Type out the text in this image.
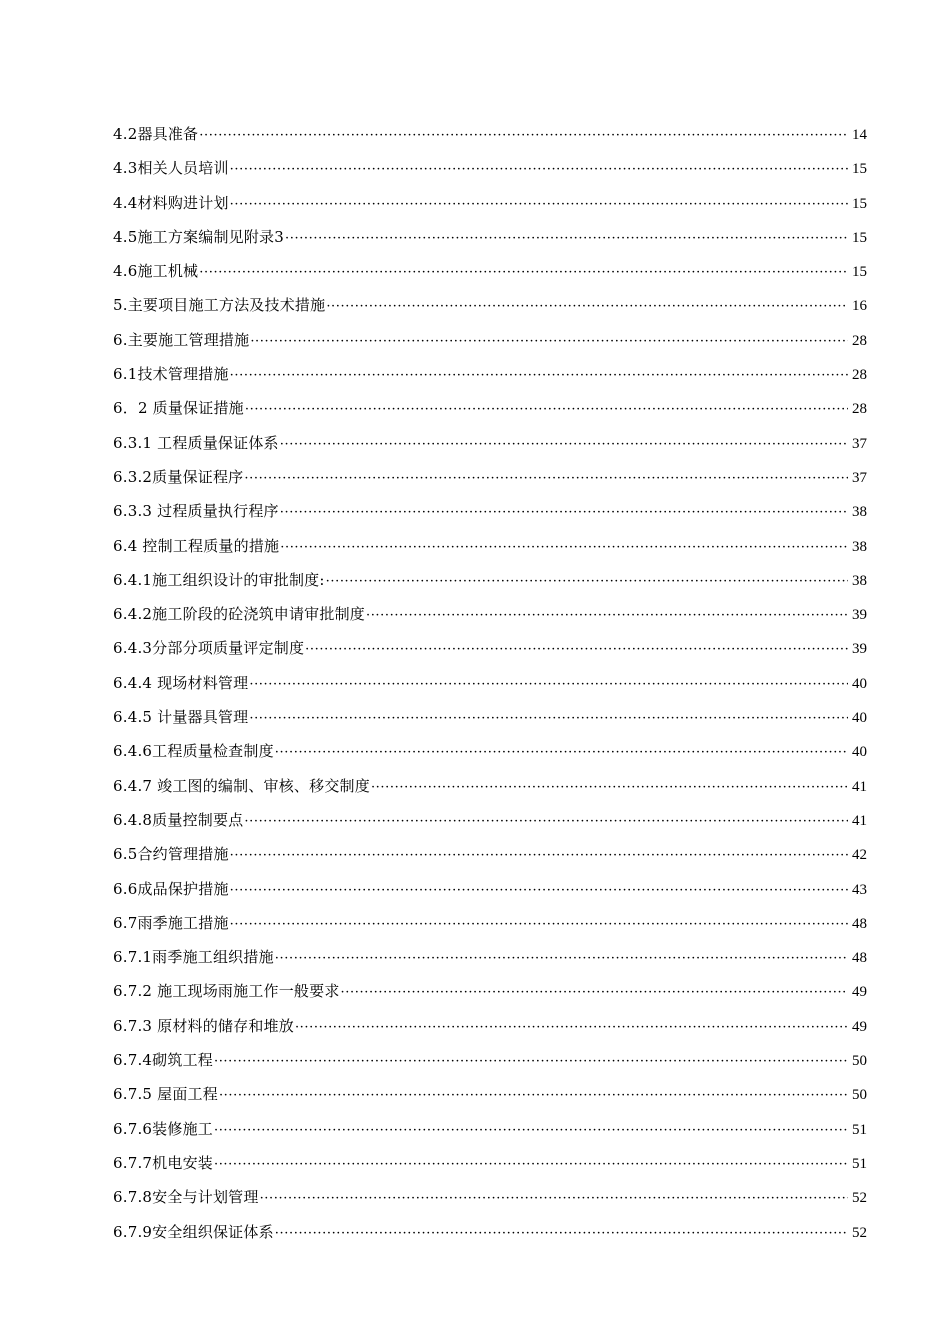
4.2器具准备 ·····	14
4.3相关人员培训 ·····	15
4.4材料购进计划 ·····	15
4.5施工方案编制见附录3 ·····	15
4.6施工机械 ·····	15
5.主要项目施工方法及技术措施 ·····	16
6.主要施工管理措施 ·····	28
6.1技术管理措施 ·····	28
6．2 质量保证措施 ·····	28
6.3.1 工程质量保证体系 ·····	37
6.3.2质量保证程序 ·····	37
6.3.3 过程质量执行程序 ·····	38
6.4 控制工程质量的措施 ·····	38
6.4.1施工组织设计的审批制度: ·····	38
6.4.2施工阶段的砼浇筑申请审批制度 ·····	39
6.4.3分部分项质量评定制度 ·····	39
6.4.4 现场材料管理 ·····	40
6.4.5 计量器具管理 ·····	40
6.4.6工程质量检查制度 ·····	40
6.4.7 竣工图的编制、审核、移交制度 ·····	41
6.4.8质量控制要点 ·····	41
6.5合约管理措施 ·····	42
6.6成品保护措施 ·····	43
6.7雨季施工措施 ·····	48
6.7.1雨季施工组织措施 ·····	48
6.7.2 施工现场雨施工作一般要求 ·····	49
6.7.3 原材料的储存和堆放 ·····	49
6.7.4砌筑工程 ·····	50
6.7.5 屋面工程 ·····	50
6.7.6装修施工 ·····	51
6.7.7机电安装 ·····	51
6.7.8安全与计划管理 ·····	52
6.7.9安全组织保证体系 ·····	52
